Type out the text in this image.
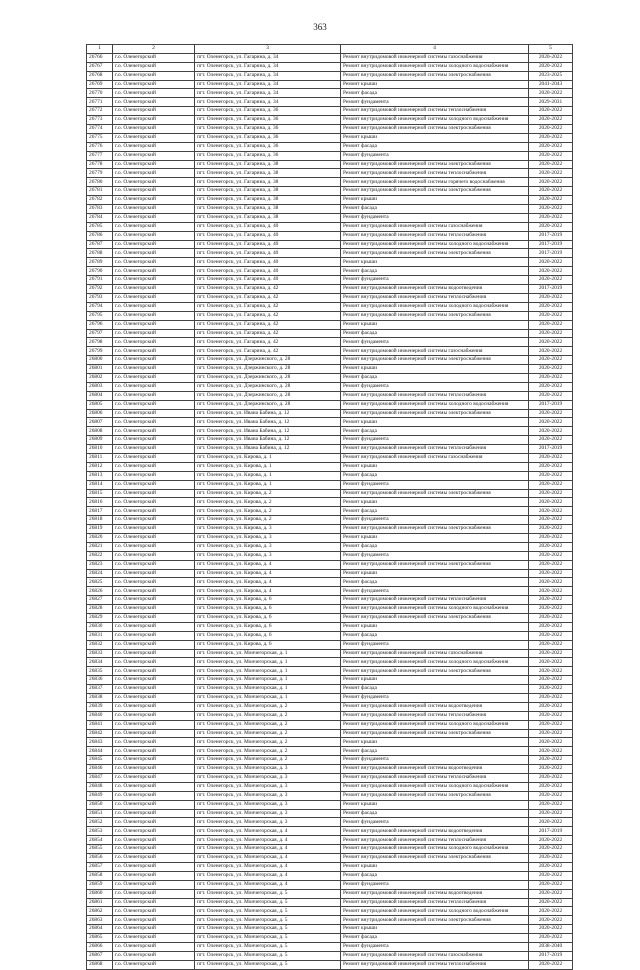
363
1	2	3	4	5
26766	г.о. Оленегорский	пгт. Оленегорск, ул. Гагарина, д. 34	Ремонт внутридомовой инженерной системы газоснабжения	2020-2022
26767	г.о. Оленегорский	пгт. Оленегорск, ул. Гагарина, д. 34	Ремонт внутридомовой инженерной системы холодного водоснабжения	2020-2022
26768	г.о. Оленегорский	пгт. Оленегорск, ул. Гагарина, д. 34	Ремонт внутридомовой инженерной системы электроснабжения	2023-2025
26769	г.о. Оленегорский	пгт. Оленегорск, ул. Гагарина, д. 34	Ремонт крыши	2041-2043
26770	г.о. Оленегорский	пгт. Оленегорск, ул. Гагарина, д. 34	Ремонт фасада	2020-2022
26771	г.о. Оленегорский	пгт. Оленегорск, ул. Гагарина, д. 34	Ремонт фундамента	2029-2031
26772	г.о. Оленегорский	пгт. Оленегорск, ул. Гагарина, д. 36	Ремонт внутридомовой инженерной системы теплоснабжения	2020-2022
26773	г.о. Оленегорский	пгт. Оленегорск, ул. Гагарина, д. 36	Ремонт внутридомовой инженерной системы холодного водоснабжения	2020-2022
26774	г.о. Оленегорский	пгт. Оленегорск, ул. Гагарина, д. 36	Ремонт внутридомовой инженерной системы электроснабжения	2020-2022
26775	г.о. Оленегорский	пгт. Оленегорск, ул. Гагарина, д. 36	Ремонт крыши	2020-2022
26776	г.о. Оленегорский	пгт. Оленегорск, ул. Гагарина, д. 36	Ремонт фасада	2020-2022
26777	г.о. Оленегорский	пгт. Оленегорск, ул. Гагарина, д. 36	Ремонт фундамента	2020-2022
26778	г.о. Оленегорский	пгт. Оленегорск, ул. Гагарина, д. 38	Ремонт внутридомовой инженерной системы электроснабжения	2020-2022
26779	г.о. Оленегорский	пгт. Оленегорск, ул. Гагарина, д. 38	Ремонт внутридомовой инженерной системы теплоснабжения	2020-2022
26780	г.о. Оленегорский	пгт. Оленегорск, ул. Гагарина, д. 38	Ремонт внутридомовой инженерной системы горячего водоснабжения	2020-2022
26781	г.о. Оленегорский	пгт. Оленегорск, ул. Гагарина, д. 38	Ремонт внутридомовой инженерной системы электроснабжения	2020-2022
26782	г.о. Оленегорский	пгт. Оленегорск, ул. Гагарина, д. 38	Ремонт крыши	2020-2022
26783	г.о. Оленегорский	пгт. Оленегорск, ул. Гагарина, д. 38	Ремонт фасада	2020-2022
26784	г.о. Оленегорский	пгт. Оленегорск, ул. Гагарина, д. 38	Ремонт фундамента	2020-2022
26785	г.о. Оленегорский	пгт. Оленегорск, ул. Гагарина, д. 40	Ремонт внутридомовой инженерной системы газоснабжения	2020-2022
26786	г.о. Оленегорский	пгт. Оленегорск, ул. Гагарина, д. 40	Ремонт внутридомовой инженерной системы теплоснабжения	2017-2019
26787	г.о. Оленегорский	пгт. Оленегорск, ул. Гагарина, д. 40	Ремонт внутридомовой инженерной системы холодного водоснабжения	2017-2019
26788	г.о. Оленегорский	пгт. Оленегорск, ул. Гагарина, д. 40	Ремонт внутридомовой инженерной системы электроснабжения	2017-2019
26789	г.о. Оленегорский	пгт. Оленегорск, ул. Гагарина, д. 40	Ремонт крыши	2020-2022
26790	г.о. Оленегорский	пгт. Оленегорск, ул. Гагарина, д. 40	Ремонт фасада	2020-2022
26791	г.о. Оленегорский	пгт. Оленегорск, ул. Гагарина, д. 40	Ремонт фундамента	2020-2022
26792	г.о. Оленегорский	пгт. Оленегорск, ул. Гагарина, д. 42	Ремонт внутридомовой инженерной системы водоотведения	2017-2019
26793	г.о. Оленегорский	пгт. Оленегорск, ул. Гагарина, д. 42	Ремонт внутридомовой инженерной системы теплоснабжения	2020-2022
26794	г.о. Оленегорский	пгт. Оленегорск, ул. Гагарина, д. 42	Ремонт внутридомовой инженерной системы холодного водоснабжения	2020-2022
26795	г.о. Оленегорский	пгт. Оленегорск, ул. Гагарина, д. 42	Ремонт внутридомовой инженерной системы электроснабжения	2020-2022
26796	г.о. Оленегорский	пгт. Оленегорск, ул. Гагарина, д. 42	Ремонт крыши	2020-2022
26797	г.о. Оленегорский	пгт. Оленегорск, ул. Гагарина, д. 42	Ремонт фасада	2020-2022
26798	г.о. Оленегорский	пгт. Оленегорск, ул. Гагарина, д. 42	Ремонт фундамента	2020-2022
26799	г.о. Оленегорский	пгт. Оленегорск, ул. Гагарина, д. 42	Ремонт внутридомовой инженерной системы газоснабжения	2020-2022
26800	г.о. Оленегорский	пгт. Оленегорск, ул. Дзержинского, д. 28	Ремонт внутридомовой инженерной системы электроснабжения	2020-2022
26801	г.о. Оленегорский	пгт. Оленегорск, ул. Дзержинского, д. 28	Ремонт крыши	2020-2022
26802	г.о. Оленегорский	пгт. Оленегорск, ул. Дзержинского, д. 28	Ремонт фасада	2020-2022
26803	г.о. Оленегорский	пгт. Оленегорск, ул. Дзержинского, д. 28	Ремонт фундамента	2020-2022
26804	г.о. Оленегорский	пгт. Оленегорск, ул. Дзержинского, д. 28	Ремонт внутридомовой инженерной системы теплоснабжения	2020-2022
26805	г.о. Оленегорский	пгт. Оленегорск, ул. Дзержинского, д. 28	Ремонт внутридомовой инженерной системы холодного водоснабжения	2017-2019
26806	г.о. Оленегорский	пгт. Оленегорск, ул. Ивана Бабина, д. 12	Ремонт внутридомовой инженерной системы электроснабжения	2020-2022
26807	г.о. Оленегорский	пгт. Оленегорск, ул. Ивана Бабина, д. 12	Ремонт крыши	2020-2022
26808	г.о. Оленегорский	пгт. Оленегорск, ул. Ивана Бабина, д. 12	Ремонт фасада	2020-2022
26809	г.о. Оленегорский	пгт. Оленегорск, ул. Ивана Бабина, д. 12	Ремонт фундамента	2020-2022
26810	г.о. Оленегорский	пгт. Оленегорск, ул. Ивана Бабина, д. 12	Ремонт внутридомовой инженерной системы теплоснабжения	2017-2019
26811	г.о. Оленегорский	пгт. Оленегорск, ул. Кирова, д. 1	Ремонт внутридомовой инженерной системы газоснабжения	2020-2022
26812	г.о. Оленегорский	пгт. Оленегорск, ул. Кирова, д. 1	Ремонт крыши	2020-2022
26813	г.о. Оленегорский	пгт. Оленегорск, ул. Кирова, д. 1	Ремонт фасада	2020-2022
26814	г.о. Оленегорский	пгт. Оленегорск, ул. Кирова, д. 1	Ремонт фундамента	2020-2022
26815	г.о. Оленегорский	пгт. Оленегорск, ул. Кирова, д. 2	Ремонт внутридомовой инженерной системы электроснабжения	2020-2022
26816	г.о. Оленегорский	пгт. Оленегорск, ул. Кирова, д. 2	Ремонт крыши	2020-2022
26817	г.о. Оленегорский	пгт. Оленегорск, ул. Кирова, д. 2	Ремонт фасада	2020-2022
26818	г.о. Оленегорский	пгт. Оленегорск, ул. Кирова, д. 2	Ремонт фундамента	2020-2022
26819	г.о. Оленегорский	пгт. Оленегорск, ул. Кирова, д. 3	Ремонт внутридомовой инженерной системы электроснабжения	2020-2022
26820	г.о. Оленегорский	пгт. Оленегорск, ул. Кирова, д. 3	Ремонт крыши	2020-2022
26821	г.о. Оленегорский	пгт. Оленегорск, ул. Кирова, д. 3	Ремонт фасада	2020-2022
26822	г.о. Оленегорский	пгт. Оленегорск, ул. Кирова, д. 3	Ремонт фундамента	2020-2022
26823	г.о. Оленегорский	пгт. Оленегорск, ул. Кирова, д. 4	Ремонт внутридомовой инженерной системы электроснабжения	2020-2022
26824	г.о. Оленегорский	пгт. Оленегорск, ул. Кирова, д. 4	Ремонт крыши	2020-2022
26825	г.о. Оленегорский	пгт. Оленегорск, ул. Кирова, д. 4	Ремонт фасада	2020-2022
26826	г.о. Оленегорский	пгт. Оленегорск, ул. Кирова, д. 4	Ремонт фундамента	2020-2022
26827	г.о. Оленегорский	пгт. Оленегорск, ул. Кирова, д. 6	Ремонт внутридомовой инженерной системы теплоснабжения	2020-2022
26828	г.о. Оленегорский	пгт. Оленегорск, ул. Кирова, д. 6	Ремонт внутридомовой инженерной системы холодного водоснабжения	2020-2022
26829	г.о. Оленегорский	пгт. Оленегорск, ул. Кирова, д. 6	Ремонт внутридомовой инженерной системы электроснабжения	2020-2022
26830	г.о. Оленегорский	пгт. Оленегорск, ул. Кирова, д. 6	Ремонт крыши	2020-2022
26831	г.о. Оленегорский	пгт. Оленегорск, ул. Кирова, д. 6	Ремонт фасада	2020-2022
26832	г.о. Оленегорский	пгт. Оленегорск, ул. Кирова, д. 6	Ремонт фундамента	2020-2022
26833	г.о. Оленегорский	пгт. Оленегорск, ул. Мончегорская, д. 1	Ремонт внутридомовой инженерной системы газоснабжения	2020-2022
26834	г.о. Оленегорский	пгт. Оленегорск, ул. Мончегорская, д. 1	Ремонт внутридомовой инженерной системы холодного водоснабжения	2020-2022
26835	г.о. Оленегорский	пгт. Оленегорск, ул. Мончегорская, д. 1	Ремонт внутридомовой инженерной системы электроснабжения	2020-2022
26836	г.о. Оленегорский	пгт. Оленегорск, ул. Мончегорская, д. 1	Ремонт крыши	2020-2022
26837	г.о. Оленегорский	пгт. Оленегорск, ул. Мончегорская, д. 1	Ремонт фасада	2020-2022
26838	г.о. Оленегорский	пгт. Оленегорск, ул. Мончегорская, д. 1	Ремонт фундамента	2020-2022
26839	г.о. Оленегорский	пгт. Оленегорск, ул. Мончегорская, д. 2	Ремонт внутридомовой инженерной системы водоотведения	2020-2022
26840	г.о. Оленегорский	пгт. Оленегорск, ул. Мончегорская, д. 2	Ремонт внутридомовой инженерной системы теплоснабжения	2020-2022
26841	г.о. Оленегорский	пгт. Оленегорск, ул. Мончегорская, д. 2	Ремонт внутридомовой инженерной системы холодного водоснабжения	2020-2022
26842	г.о. Оленегорский	пгт. Оленегорск, ул. Мончегорская, д. 2	Ремонт внутридомовой инженерной системы электроснабжения	2020-2022
26843	г.о. Оленегорский	пгт. Оленегорск, ул. Мончегорская, д. 2	Ремонт крыши	2020-2022
26844	г.о. Оленегорский	пгт. Оленегорск, ул. Мончегорская, д. 2	Ремонт фасада	2020-2022
26845	г.о. Оленегорский	пгт. Оленегорск, ул. Мончегорская, д. 2	Ремонт фундамента	2020-2022
26846	г.о. Оленегорский	пгт. Оленегорск, ул. Мончегорская, д. 3	Ремонт внутридомовой инженерной системы водоотведения	2020-2022
26847	г.о. Оленегорский	пгт. Оленегорск, ул. Мончегорская, д. 3	Ремонт внутридомовой инженерной системы теплоснабжения	2020-2022
26848	г.о. Оленегорский	пгт. Оленегорск, ул. Мончегорская, д. 3	Ремонт внутридомовой инженерной системы холодного водоснабжения	2020-2022
26849	г.о. Оленегорский	пгт. Оленегорск, ул. Мончегорская, д. 3	Ремонт внутридомовой инженерной системы электроснабжения	2020-2022
26850	г.о. Оленегорский	пгт. Оленегорск, ул. Мончегорская, д. 3	Ремонт крыши	2020-2022
26851	г.о. Оленегорский	пгт. Оленегорск, ул. Мончегорская, д. 3	Ремонт фасада	2020-2022
26852	г.о. Оленегорский	пгт. Оленегорск, ул. Мончегорская, д. 3	Ремонт фундамента	2020-2022
26853	г.о. Оленегорский	пгт. Оленегорск, ул. Мончегорская, д. 4	Ремонт внутридомовой инженерной системы водоотведения	2017-2019
26854	г.о. Оленегорский	пгт. Оленегорск, ул. Мончегорская, д. 4	Ремонт внутридомовой инженерной системы теплоснабжения	2020-2022
26855	г.о. Оленегорский	пгт. Оленегорск, ул. Мончегорская, д. 4	Ремонт внутридомовой инженерной системы холодного водоснабжения	2020-2022
26856	г.о. Оленегорский	пгт. Оленегорск, ул. Мончегорская, д. 4	Ремонт внутридомовой инженерной системы электроснабжения	2020-2022
26857	г.о. Оленегорский	пгт. Оленегорск, ул. Мончегорская, д. 4	Ремонт крыши	2020-2022
26858	г.о. Оленегорский	пгт. Оленегорск, ул. Мончегорская, д. 4	Ремонт фасада	2020-2022
26859	г.о. Оленегорский	пгт. Оленегорск, ул. Мончегорская, д. 4	Ремонт фундамента	2020-2022
26860	г.о. Оленегорский	пгт. Оленегорск, ул. Мончегорская, д. 5	Ремонт внутридомовой инженерной системы водоотведения	2020-2022
26861	г.о. Оленегорский	пгт. Оленегорск, ул. Мончегорская, д. 5	Ремонт внутридомовой инженерной системы теплоснабжения	2020-2022
26862	г.о. Оленегорский	пгт. Оленегорск, ул. Мончегорская, д. 5	Ремонт внутридомовой инженерной системы холодного водоснабжения	2020-2022
26863	г.о. Оленегорский	пгт. Оленегорск, ул. Мончегорская, д. 5	Ремонт внутридомовой инженерной системы электроснабжения	2020-2022
26864	г.о. Оленегорский	пгт. Оленегорск, ул. Мончегорская, д. 5	Ремонт крыши	2020-2022
26865	г.о. Оленегорский	пгт. Оленегорск, ул. Мончегорская, д. 5	Ремонт фасада	2020-2022
26866	г.о. Оленегорский	пгт. Оленегорск, ул. Мончегорская, д. 5	Ремонт фундамента	2038-2040
26867	г.о. Оленегорский	пгт. Оленегорск, ул. Мончегорская, д. 5	Ремонт внутридомовой инженерной системы газоснабжения	2017-2019
26868	г.о. Оленегорский	пгт. Оленегорск, ул. Мончегорская, д. 5	Ремонт внутридомовой инженерной системы теплоснабжения	2020-2022
